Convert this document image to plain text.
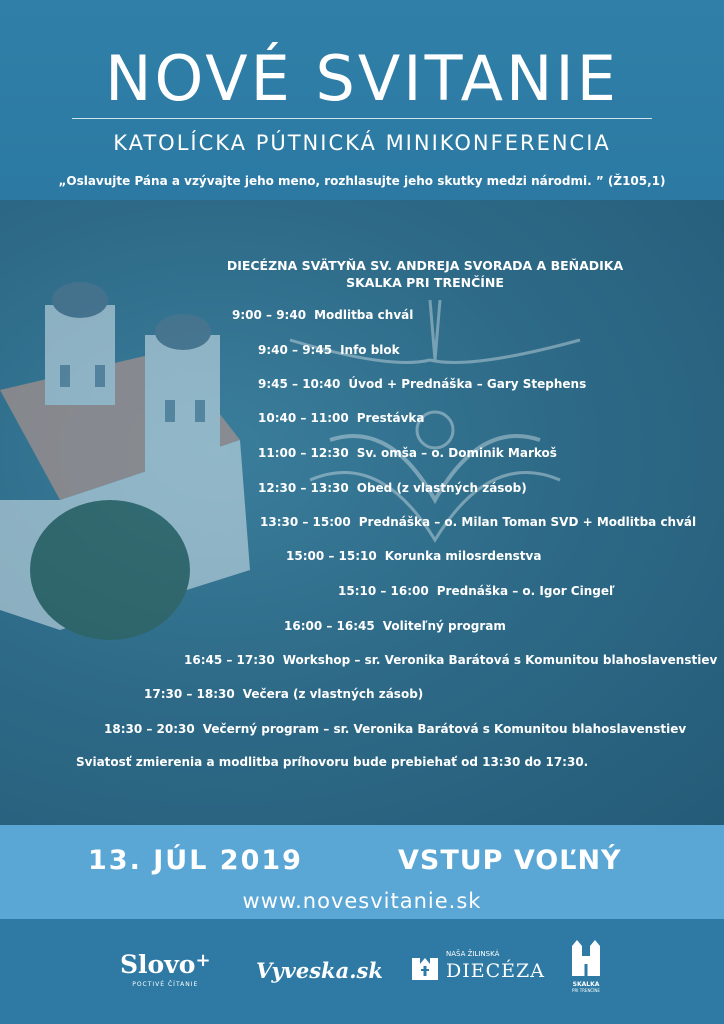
NOVÉ SVITANIE
KATOLÍCKA PÚTNICKÁ MINIKONFERENCIA
„Oslavujte Pána a vzývajte jeho meno, rozhlasujte jeho skutky medzi národmi. ” (Ž105,1)
DIECÉZNA SVÄTYŇA SV. ANDREJA SVORADA A BEŇADIKA
SKALKA PRI TRENČÍNE
9:00 – 9:40 Modlitba chvál
9:40 – 9:45 Info blok
9:45 – 10:40 Úvod + Prednáška – Gary Stephens
10:40 – 11:00 Prestávka
11:00 – 12:30 Sv. omša – o. Dominik Markoš
12:30 – 13:30 Obed (z vlastných zásob)
13:30 – 15:00 Prednáška – o. Milan Toman SVD + Modlitba chvál
15:00 – 15:10 Korunka milosrdenstva
15:10 – 16:00 Prednáška – o. Igor Cingeľ
16:00 – 16:45 Voliteľný program
16:45 – 17:30 Workshop – sr. Veronika Barátová s Komunitou blahoslavenstiev
17:30 – 18:30 Večera (z vlastných zásob)
18:30 – 20:30 Večerný program – sr. Veronika Barátová s Komunitou blahoslavenstiev
Sviatosť zmierenia a modlitba príhovoru bude prebiehať od 13:30 do 17:30.
13. JÚL 2019	VSTUP VOĽNÝ
www.novesvitanie.sk
Slovo+
POCTIVÉ ČÍTANIE
Vyveska.sk
NAŠA ŽILINSKÁ
DIECÉZA
SKALKA
PRI TRENČÍNE
